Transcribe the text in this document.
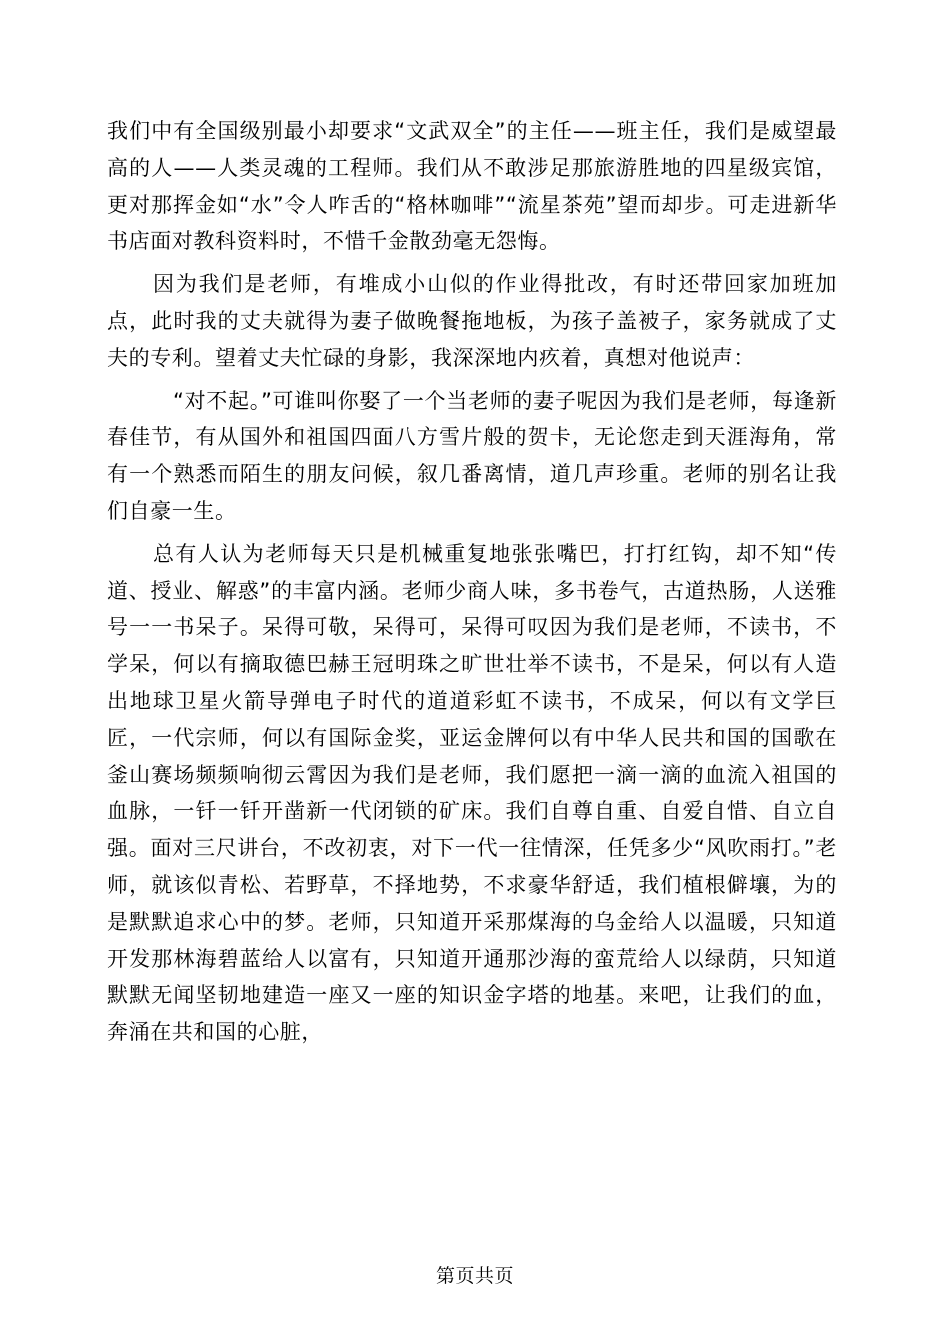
我们中有全国级别最小却要求“文武双全”的主任——班主任，我们是威望最高的人——人类灵魂的工程师。我们从不敢涉足那旅游胜地的四星级宾馆，更对那挥金如“水”令人咋舌的“格林咖啡”“流星茶苑”望而却步。可走进新华书店面对教科资料时，不惜千金散劲毫无怨悔。

因为我们是老师，有堆成小山似的作业得批改，有时还带回家加班加点，此时我的丈夫就得为妻子做晚餐拖地板，为孩子盖被子，家务就成了丈夫的专利。望着丈夫忙碌的身影，我深深地内疚着，真想对他说声：

“对不起。”可谁叫你娶了一个当老师的妻子呢因为我们是老师，每逢新春佳节，有从国外和祖国四面八方雪片般的贺卡，无论您走到天涯海角，常有一个熟悉而陌生的朋友问候，叙几番离情，道几声珍重。老师的别名让我们自豪一生。

总有人认为老师每天只是机械重复地张张嘴巴，打打红钩，却不知“传道、授业、解惑”的丰富内涵。老师少商人味，多书卷气，古道热肠，人送雅号一一书呆子。呆得可敬，呆得可，呆得可叹因为我们是老师，不读书，不学呆，何以有摘取德巴赫王冠明珠之旷世壮举不读书，不是呆，何以有人造出地球卫星火箭导弹电子时代的道道彩虹不读书，不成呆，何以有文学巨匠，一代宗师，何以有国际金奖，亚运金牌何以有中华人民共和国的国歌在釜山赛场频频响彻云霄因为我们是老师，我们愿把一滴一滴的血流入祖国的血脉，一钎一钎开凿新一代闭锁的矿床。我们自尊自重、自爱自惜、自立自强。面对三尺讲台，不改初衷，对下一代一往情深，任凭多少“风吹雨打。”老师，就该似青松、若野草，不择地势，不求豪华舒适，我们植根僻壤，为的是默默追求心中的梦。老师，只知道开采那煤海的乌金给人以温暖，只知道开发那林海碧蓝给人以富有，只知道开通那沙海的蛮荒给人以绿荫，只知道默默无闻坚韧地建造一座又一座的知识金字塔的地基。来吧，让我们的血，奔涌在共和国的心脏，

第页共页
